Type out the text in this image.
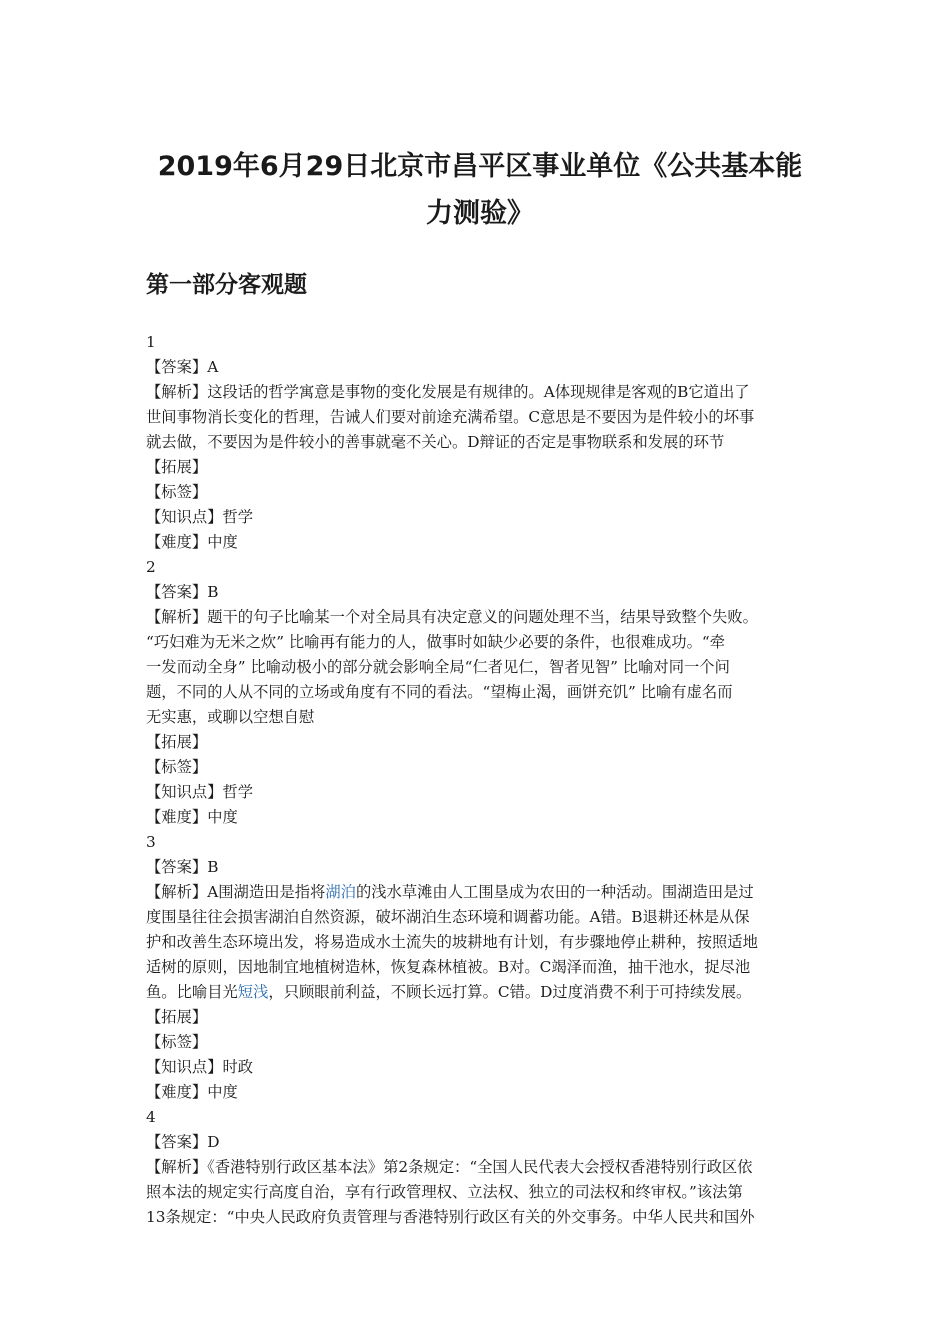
2019年6月29日北京市昌平区事业单位《公共基本能
力测验》
第一部分客观题
1
【答案】A
【解析】这段话的哲学寓意是事物的变化发展是有规律的。A体现规律是客观的B它道出了
世间事物消长变化的哲理，告诫人们要对前途充满希望。C意思是不要因为是件较小的坏事
就去做，不要因为是件较小的善事就毫不关心。D辩证的否定是事物联系和发展的环节
【拓展】
【标签】
【知识点】哲学
【难度】中度
2
【答案】B
【解析】题干的句子比喻某一个对全局具有决定意义的问题处理不当，结果导致整个失败。
“巧妇难为无米之炊” 比喻再有能力的人，做事时如缺少必要的条件，也很难成功。“牵
一发而动全身” 比喻动极小的部分就会影响全局“仁者见仁，智者见智” 比喻对同一个问
题，不同的人从不同的立场或角度有不同的看法。“望梅止渴，画饼充饥” 比喻有虚名而
无实惠，或聊以空想自慰
【拓展】
【标签】
【知识点】哲学
【难度】中度
3
【答案】B
【解析】A围湖造田是指将湖泊的浅水草滩由人工围垦成为农田的一种活动。围湖造田是过
度围垦往往会损害湖泊自然资源，破坏湖泊生态环境和调蓄功能。A错。B退耕还林是从保
护和改善生态环境出发，将易造成水土流失的坡耕地有计划，有步骤地停止耕种，按照适地
适树的原则，因地制宜地植树造林，恢复森林植被。B对。C竭泽而渔，抽干池水，捉尽池
鱼。比喻目光短浅，只顾眼前利益，不顾长远打算。C错。D过度消费不利于可持续发展。
【拓展】
【标签】
【知识点】时政
【难度】中度
4
【答案】D
【解析】《香港特别行政区基本法》第2条规定：“全国人民代表大会授权香港特别行政区依
照本法的规定实行高度自治，享有行政管理权、立法权、独立的司法权和终审权。”该法第
13条规定：“中央人民政府负责管理与香港特别行政区有关的外交事务。中华人民共和国外
